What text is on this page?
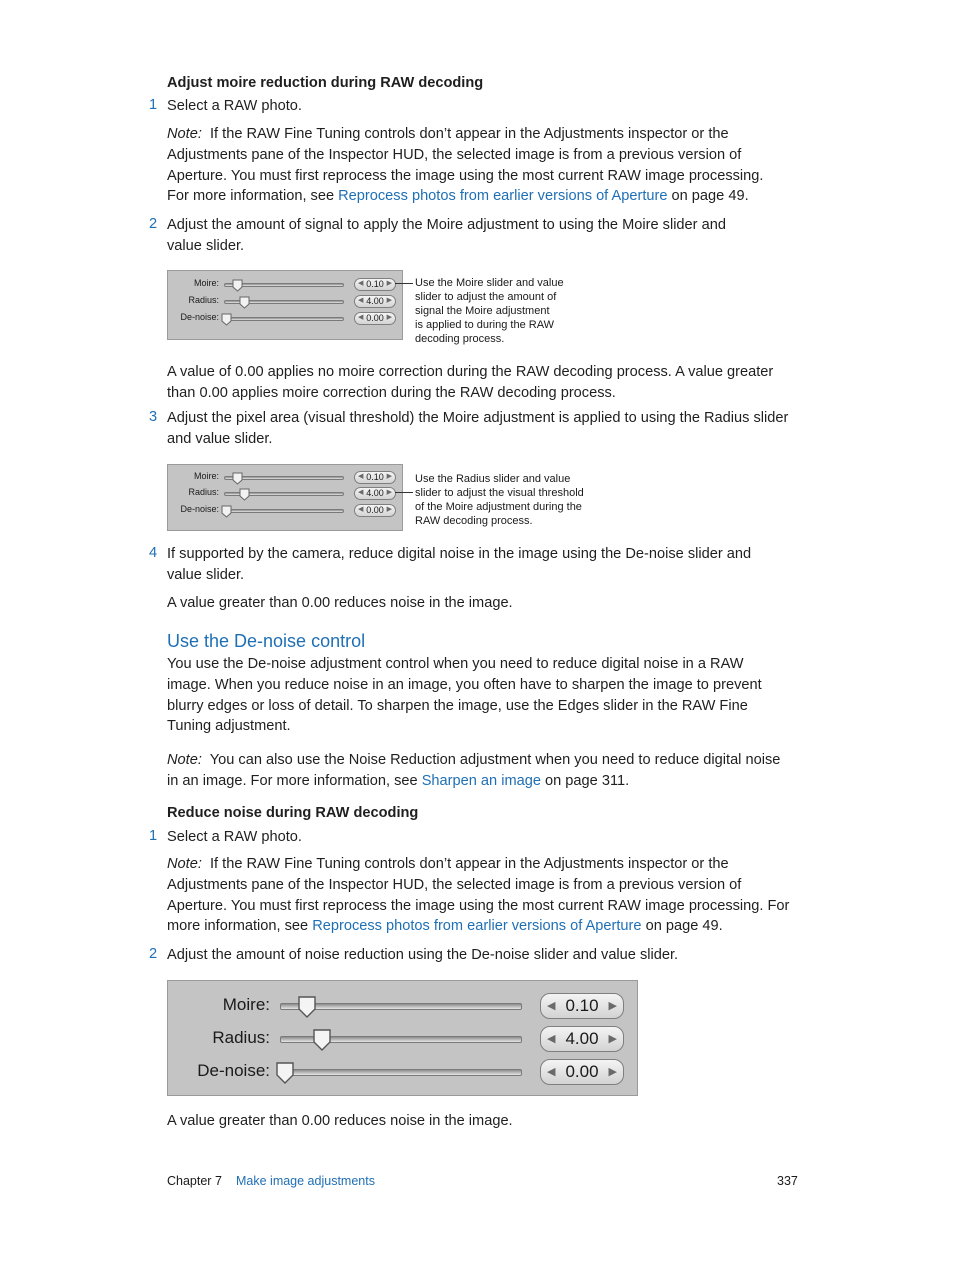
Adjust moire reduction during RAW decoding
1 Select a RAW photo.
Note: If the RAW Fine Tuning controls don’t appear in the Adjustments inspector or the
Adjustments pane of the Inspector HUD, the selected image is from a previous version of
Aperture. You must first reprocess the image using the most current RAW image processing.
For more information, see Reprocess photos from earlier versions of Aperture on page 49.
2 Adjust the amount of signal to apply the Moire adjustment to using the Moire slider and
value slider.
Moire:	◀ 0.10 ▶
Radius:	◀ 4.00 ▶
De-noise:	◀ 0.00 ▶
Use the Moire slider and value
slider to adjust the amount of
signal the Moire adjustment
is applied to during the RAW
decoding process.
A value of 0.00 applies no moire correction during the RAW decoding process. A value greater
than 0.00 applies moire correction during the RAW decoding process.
3 Adjust the pixel area (visual threshold) the Moire adjustment is applied to using the Radius slider
and value slider.
Moire:	◀ 0.10 ▶
Radius:	◀ 4.00 ▶
De-noise:	◀ 0.00 ▶
Use the Radius slider and value
slider to adjust the visual threshold
of the Moire adjustment during the
RAW decoding process.
4 If supported by the camera, reduce digital noise in the image using the De-noise slider and
value slider.
A value greater than 0.00 reduces noise in the image.
Use the De-noise control
You use the De-noise adjustment control when you need to reduce digital noise in a RAW
image. When you reduce noise in an image, you often have to sharpen the image to prevent
blurry edges or loss of detail. To sharpen the image, use the Edges slider in the RAW Fine
Tuning adjustment.
Note: You can also use the Noise Reduction adjustment when you need to reduce digital noise
in an image. For more information, see Sharpen an image on page 311.
Reduce noise during RAW decoding
1 Select a RAW photo.
Note: If the RAW Fine Tuning controls don’t appear in the Adjustments inspector or the
Adjustments pane of the Inspector HUD, the selected image is from a previous version of
Aperture. You must first reprocess the image using the most current RAW image processing. For
more information, see Reprocess photos from earlier versions of Aperture on page 49.
2 Adjust the amount of noise reduction using the De-noise slider and value slider.
Moire:	◀ 0.10 ▶
Radius:	◀ 4.00 ▶
De-noise:	◀ 0.00 ▶
A value greater than 0.00 reduces noise in the image.
Chapter 7 Make image adjustments	337
